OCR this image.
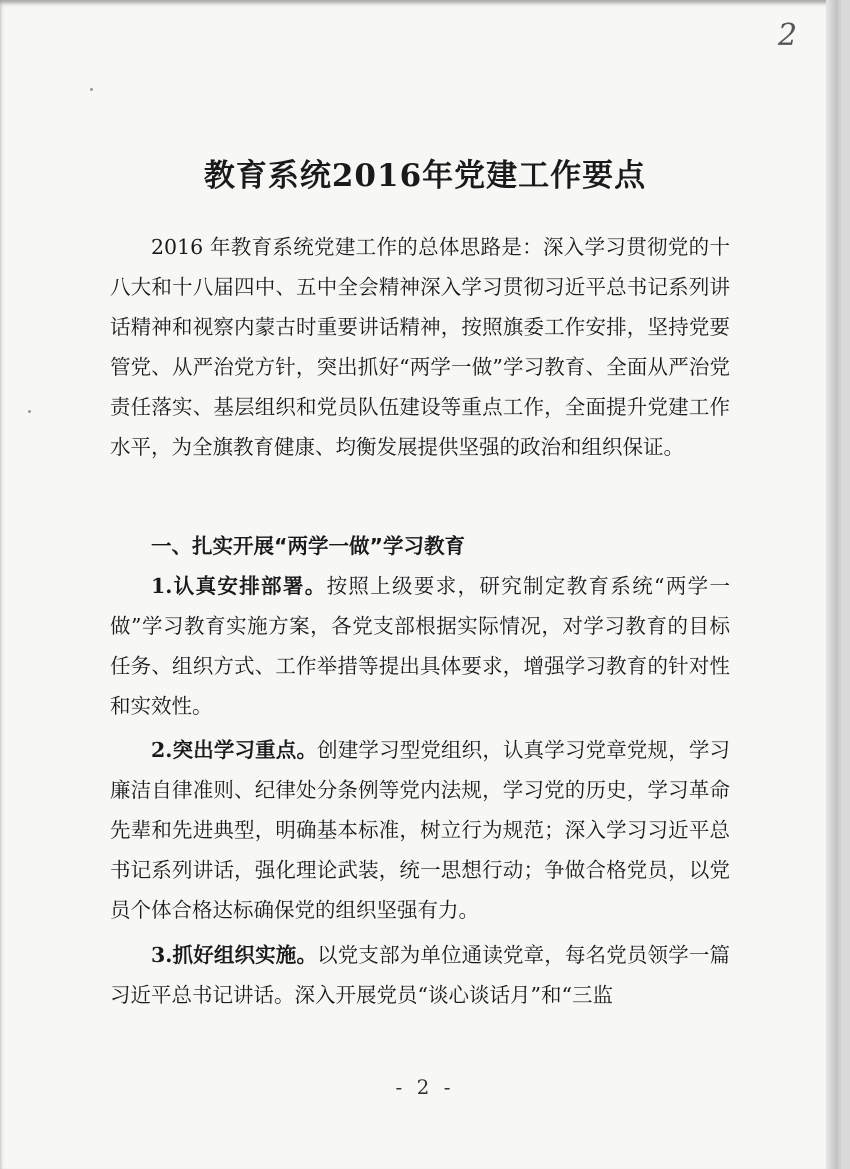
2
教育系统2016年党建工作要点

2016 年教育系统党建工作的总体思路是：深入学习贯彻党的十八大和十八届四中、五中全会精神深入学习贯彻习近平总书记系列讲话精神和视察内蒙古时重要讲话精神，按照旗委工作安排，坚持党要管党、从严治党方针，突出抓好“两学一做”学习教育、全面从严治党责任落实、基层组织和党员队伍建设等重点工作，全面提升党建工作水平，为全旗教育健康、均衡发展提供坚强的政治和组织保证。

一、扎实开展“两学一做”学习教育

1.认真安排部署。按照上级要求，研究制定教育系统“两学一做”学习教育实施方案，各党支部根据实际情况，对学习教育的目标任务、组织方式、工作举措等提出具体要求，增强学习教育的针对性和实效性。

2.突出学习重点。创建学习型党组织，认真学习党章党规，学习廉洁自律准则、纪律处分条例等党内法规，学习党的历史，学习革命先辈和先进典型，明确基本标准，树立行为规范；深入学习习近平总书记系列讲话，强化理论武装，统一思想行动；争做合格党员，以党员个体合格达标确保党的组织坚强有力。

3.抓好组织实施。以党支部为单位通读党章，每名党员领学一篇习近平总书记讲话。深入开展党员“谈心谈话月”和“三监

- 2 -
